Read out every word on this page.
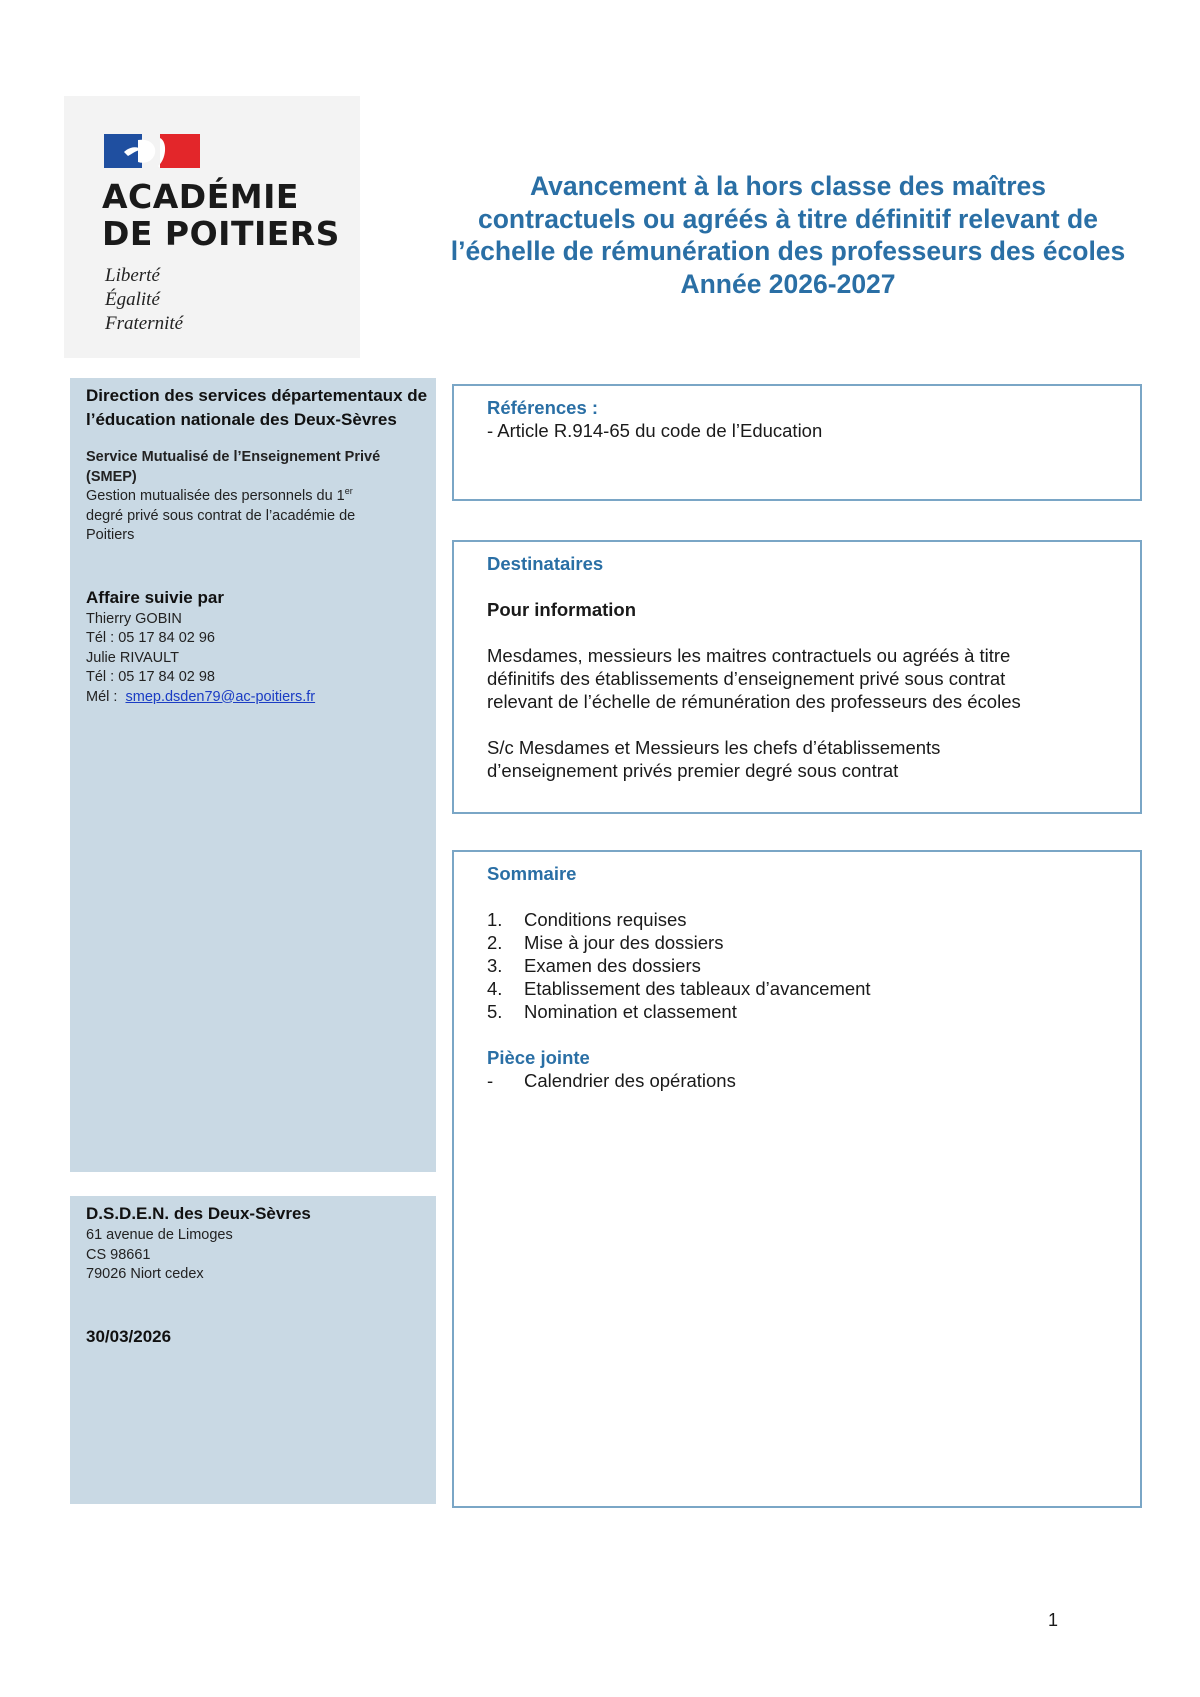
ACADÉMIE
DE POITIERS
Liberté
Égalité
Fraternité
Avancement à la hors classe des maîtres
contractuels ou agréés à titre définitif relevant de
l’échelle de rémunération des professeurs des écoles
Année 2026-2027
Direction des services départementaux de
l’éducation nationale des Deux-Sèvres
Service Mutualisé de l’Enseignement Privé
(SMEP)
Gestion mutualisée des personnels du 1er
degré privé sous contrat de l’académie de
Poitiers
Affaire suivie par
Thierry GOBIN
Tél : 05 17 84 02 96
Julie RIVAULT
Tél : 05 17 84 02 98
Mél :  smep.dsden79@ac-poitiers.fr
D.S.D.E.N. des Deux-Sèvres
61 avenue de Limoges
CS 98661
79026 Niort cedex
30/03/2026
Références :
- Article R.914-65 du code de l’Education
Destinataires
Pour information
Mesdames, messieurs les maitres contractuels ou agréés à titre
définitifs des établissements d’enseignement privé sous contrat
relevant de l’échelle de rémunération des professeurs des écoles
S/c Mesdames et Messieurs les chefs d’établissements
d’enseignement privés premier degré sous contrat
Sommaire
1.	Conditions requises
2.	Mise à jour des dossiers
3.	Examen des dossiers
4.	Etablissement des tableaux d’avancement
5.	Nomination et classement
Pièce jointe
-	Calendrier des opérations
1
